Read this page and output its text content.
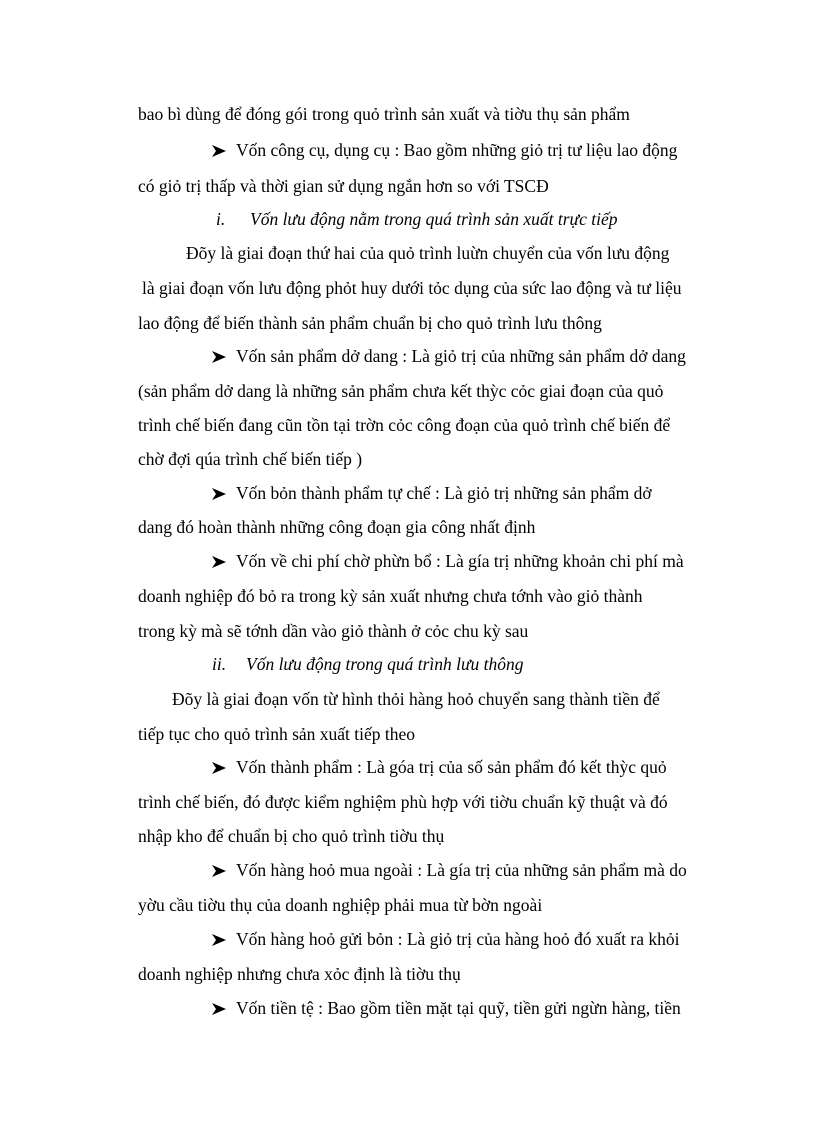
bao bì dùng để đóng gói trong quỏ trình sản xuất và tiờu thụ sản phẩm
Vốn công cụ, dụng cụ : Bao gồm những giỏ trị tư liệu lao động
có giỏ trị thấp và thời gian sử dụng ngắn hơn so với TSCĐ
i. Vốn lưu động nằm trong quá trình sản xuất trực tiếp
Đõy là giai đoạn thứ hai của quỏ trình luừn chuyển của vốn lưu động
là giai đoạn vốn lưu động phỏt huy dưới tỏc dụng của sức lao động và tư liệu
lao động để biến thành sản phẩm chuẩn bị cho quỏ trình lưu thông
Vốn sản phẩm dở dang : Là giỏ trị của những sản phẩm dở dang
(sản phẩm dở dang là những sản phẩm chưa kết thỳc cỏc giai đoạn của quỏ
trình chế biến đang cũn tồn tại trờn cỏc công đoạn của quỏ trình chế biến để
chờ đợi qúa trình chế biến tiếp )
Vốn bỏn thành phẩm tự chế : Là giỏ trị những sản phẩm dở
dang đó hoàn thành những công đoạn gia công nhất định
Vốn về chi phí chờ phừn bổ : Là gía trị những khoản chi phí mà
doanh nghiệp đó bỏ ra trong kỳ sản xuất nhưng chưa tớnh vào giỏ thành
trong kỳ mà sẽ tớnh dần vào giỏ thành ở cỏc chu kỳ sau
ii. Vốn lưu động trong quá trình lưu thông
Đõy là giai đoạn vốn từ hình thỏi hàng hoỏ chuyển sang thành tiền để
tiếp tục cho quỏ trình sản xuất tiếp theo
Vốn thành phẩm : Là góa trị của số sản phẩm đó kết thỳc quỏ
trình chế biến, đó được kiểm nghiệm phù hợp với tiờu chuẩn kỹ thuật và đó
nhập kho để chuẩn bị cho quỏ trình tiờu thụ
Vốn hàng hoỏ mua ngoài : Là gía trị của những sản phẩm mà do
yờu cầu tiờu thụ của doanh nghiệp phải mua từ bờn ngoài
Vốn hàng hoỏ gửi bỏn : Là giỏ trị của hàng hoỏ đó xuất ra khỏi
doanh nghiệp nhưng chưa xỏc định là tiờu thụ
Vốn tiền tệ : Bao gồm tiền mặt tại quỹ, tiền gửi ngừn hàng, tiền
